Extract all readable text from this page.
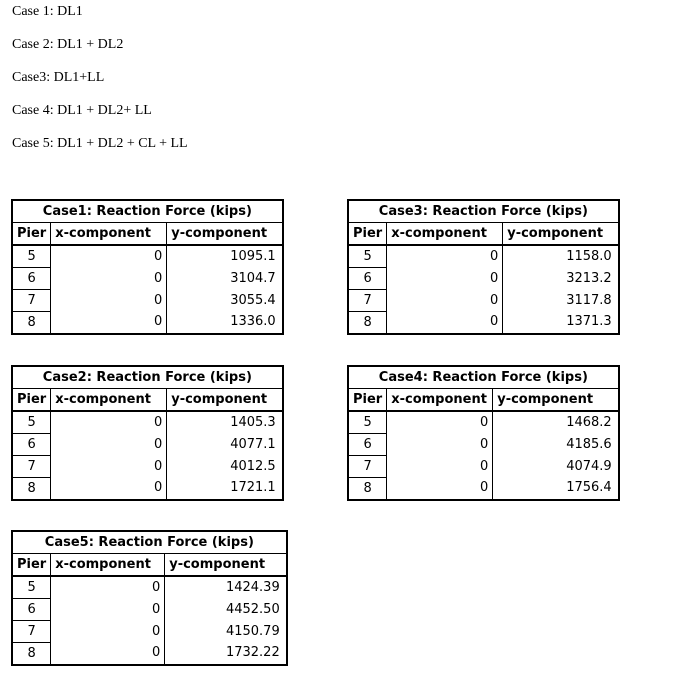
Case 1: DL1

Case 2: DL1 + DL2

Case3: DL1+LL

Case 4: DL1 + DL2+ LL

Case 5: DL1 + DL2 + CL + LL

Case1: Reaction Force (kips)		
Pier	x-component	y-component
5	0	1095.1
6	0	3104.7
7	0	3055.4
8	0	1336.0
Case3: Reaction Force (kips)		
Pier	x-component	y-component
5	0	1158.0
6	0	3213.2
7	0	3117.8
8	0	1371.3
Case2: Reaction Force (kips)		
Pier	x-component	y-component
5	0	1405.3
6	0	4077.1
7	0	4012.5
8	0	1721.1
Case4: Reaction Force (kips)		
Pier	x-component	y-component
5	0	1468.2
6	0	4185.6
7	0	4074.9
8	0	1756.4
Case5: Reaction Force (kips)		
Pier	x-component	y-component
5	0	1424.39
6	0	4452.50
7	0	4150.79
8	0	1732.22
